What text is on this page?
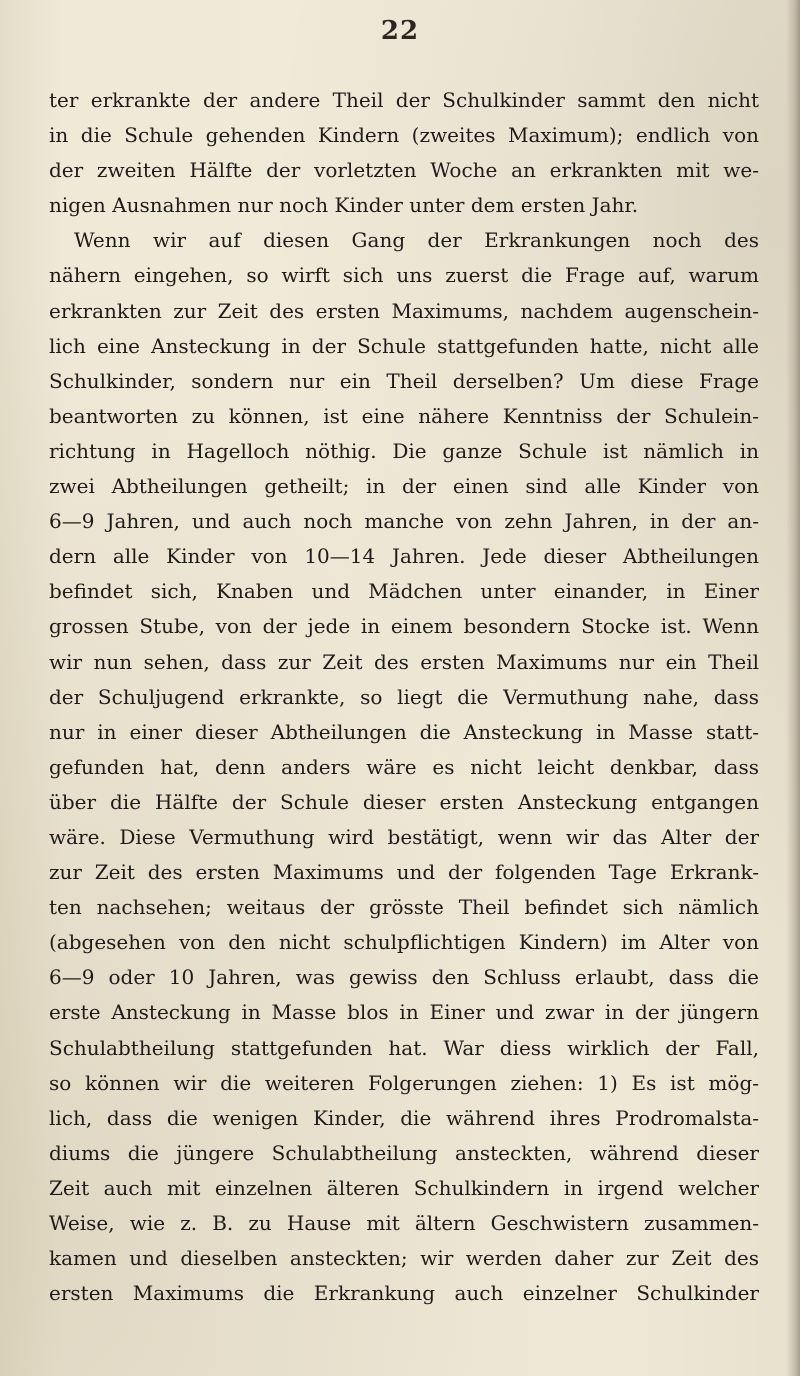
22
ter erkrankte der andere Theil der Schulkinder sammt den nicht
in die Schule gehenden Kindern (zweites Maximum); endlich von
der zweiten Hälfte der vorletzten Woche an erkrankten mit we-
nigen Ausnahmen nur noch Kinder unter dem ersten Jahr.
Wenn wir auf diesen Gang der Erkrankungen noch des
nähern eingehen, so wirft sich uns zuerst die Frage auf, warum
erkrankten zur Zeit des ersten Maximums, nachdem augenschein-
lich eine Ansteckung in der Schule stattgefunden hatte, nicht alle
Schulkinder, sondern nur ein Theil derselben? Um diese Frage
beantworten zu können, ist eine nähere Kenntniss der Schulein-
richtung in Hagelloch nöthig. Die ganze Schule ist nämlich in
zwei Abtheilungen getheilt; in der einen sind alle Kinder von
6—9 Jahren, und auch noch manche von zehn Jahren, in der an-
dern alle Kinder von 10—14 Jahren. Jede dieser Abtheilungen
befindet sich, Knaben und Mädchen unter einander, in Einer
grossen Stube, von der jede in einem besondern Stocke ist. Wenn
wir nun sehen, dass zur Zeit des ersten Maximums nur ein Theil
der Schuljugend erkrankte, so liegt die Vermuthung nahe, dass
nur in einer dieser Abtheilungen die Ansteckung in Masse statt-
gefunden hat, denn anders wäre es nicht leicht denkbar, dass
über die Hälfte der Schule dieser ersten Ansteckung entgangen
wäre. Diese Vermuthung wird bestätigt, wenn wir das Alter der
zur Zeit des ersten Maximums und der folgenden Tage Erkrank-
ten nachsehen; weitaus der grösste Theil befindet sich nämlich
(abgesehen von den nicht schulpflichtigen Kindern) im Alter von
6—9 oder 10 Jahren, was gewiss den Schluss erlaubt, dass die
erste Ansteckung in Masse blos in Einer und zwar in der jüngern
Schulabtheilung stattgefunden hat. War diess wirklich der Fall,
so können wir die weiteren Folgerungen ziehen: 1) Es ist mög-
lich, dass die wenigen Kinder, die während ihres Prodromalsta-
diums die jüngere Schulabtheilung ansteckten, während dieser
Zeit auch mit einzelnen älteren Schulkindern in irgend welcher
Weise, wie z. B. zu Hause mit ältern Geschwistern zusammen-
kamen und dieselben ansteckten; wir werden daher zur Zeit des
ersten Maximums die Erkrankung auch einzelner Schulkinder
